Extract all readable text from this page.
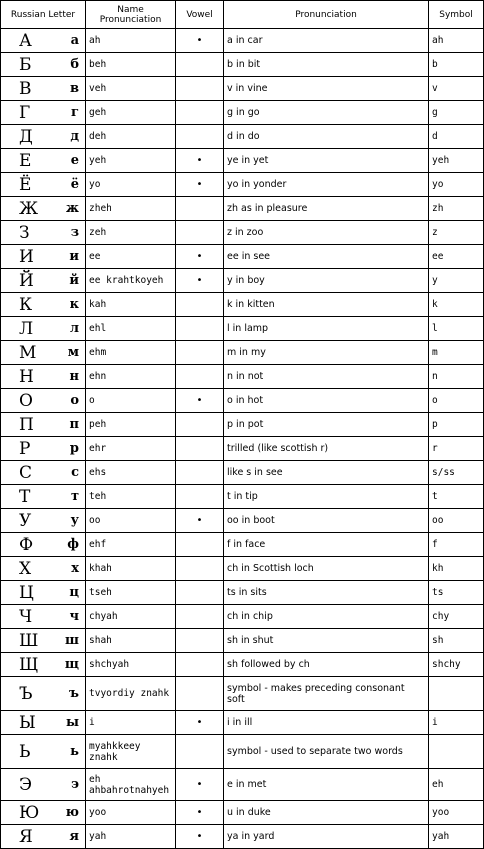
Russian Letter	Name Pronunciation	Vowel	Pronunciation	Symbol

А а	ah	•	a in car	ah

Б б	beh		b in bit	b

В в	veh		v in vine	v

Г г	geh		g in go	g

Д д	deh		d in do	d

Е е	yeh	•	ye in yet	yeh

Ё ё	yo	•	yo in yonder	yo

Ж ж	zheh		zh as in pleasure	zh

З з	zeh		z in zoo	z

И и	ee	•	ee in see	ee

Й й	ee krahtkoyeh	•	y in boy	y

К к	kah		k in kitten	k

Л л	ehl		l in lamp	l

М м	ehm		m in my	m

Н н	ehn		n in not	n

О о	o	•	o in hot	o

П п	peh		p in pot	p

Р р	ehr		trilled (like scottish r)	r

С с	ehs		like s in see	s/ss

Т т	teh		t in tip	t

У у	oo	•	oo in boot	oo

Ф ф	ehf		f in face	f

Х х	khah		ch in Scottish loch	kh

Ц ц	tseh		ts in sits	ts

Ч ч	chyah		ch in chip	chy

Ш ш	shah		sh in shut	sh

Щ щ	shchyah		sh followed by ch	shchy

Ъ ъ	tvyordiy znahk		symbol - makes preceding consonant soft	

Ы ы	i	•	i in ill	i

Ь ь	myahkkeey znahk		symbol - used to separate two words	

Э э	eh ahbahrotnahyeh	•	e in met	eh

Ю ю	yoo	•	u in duke	yoo

Я я	yah	•	ya in yard	yah
